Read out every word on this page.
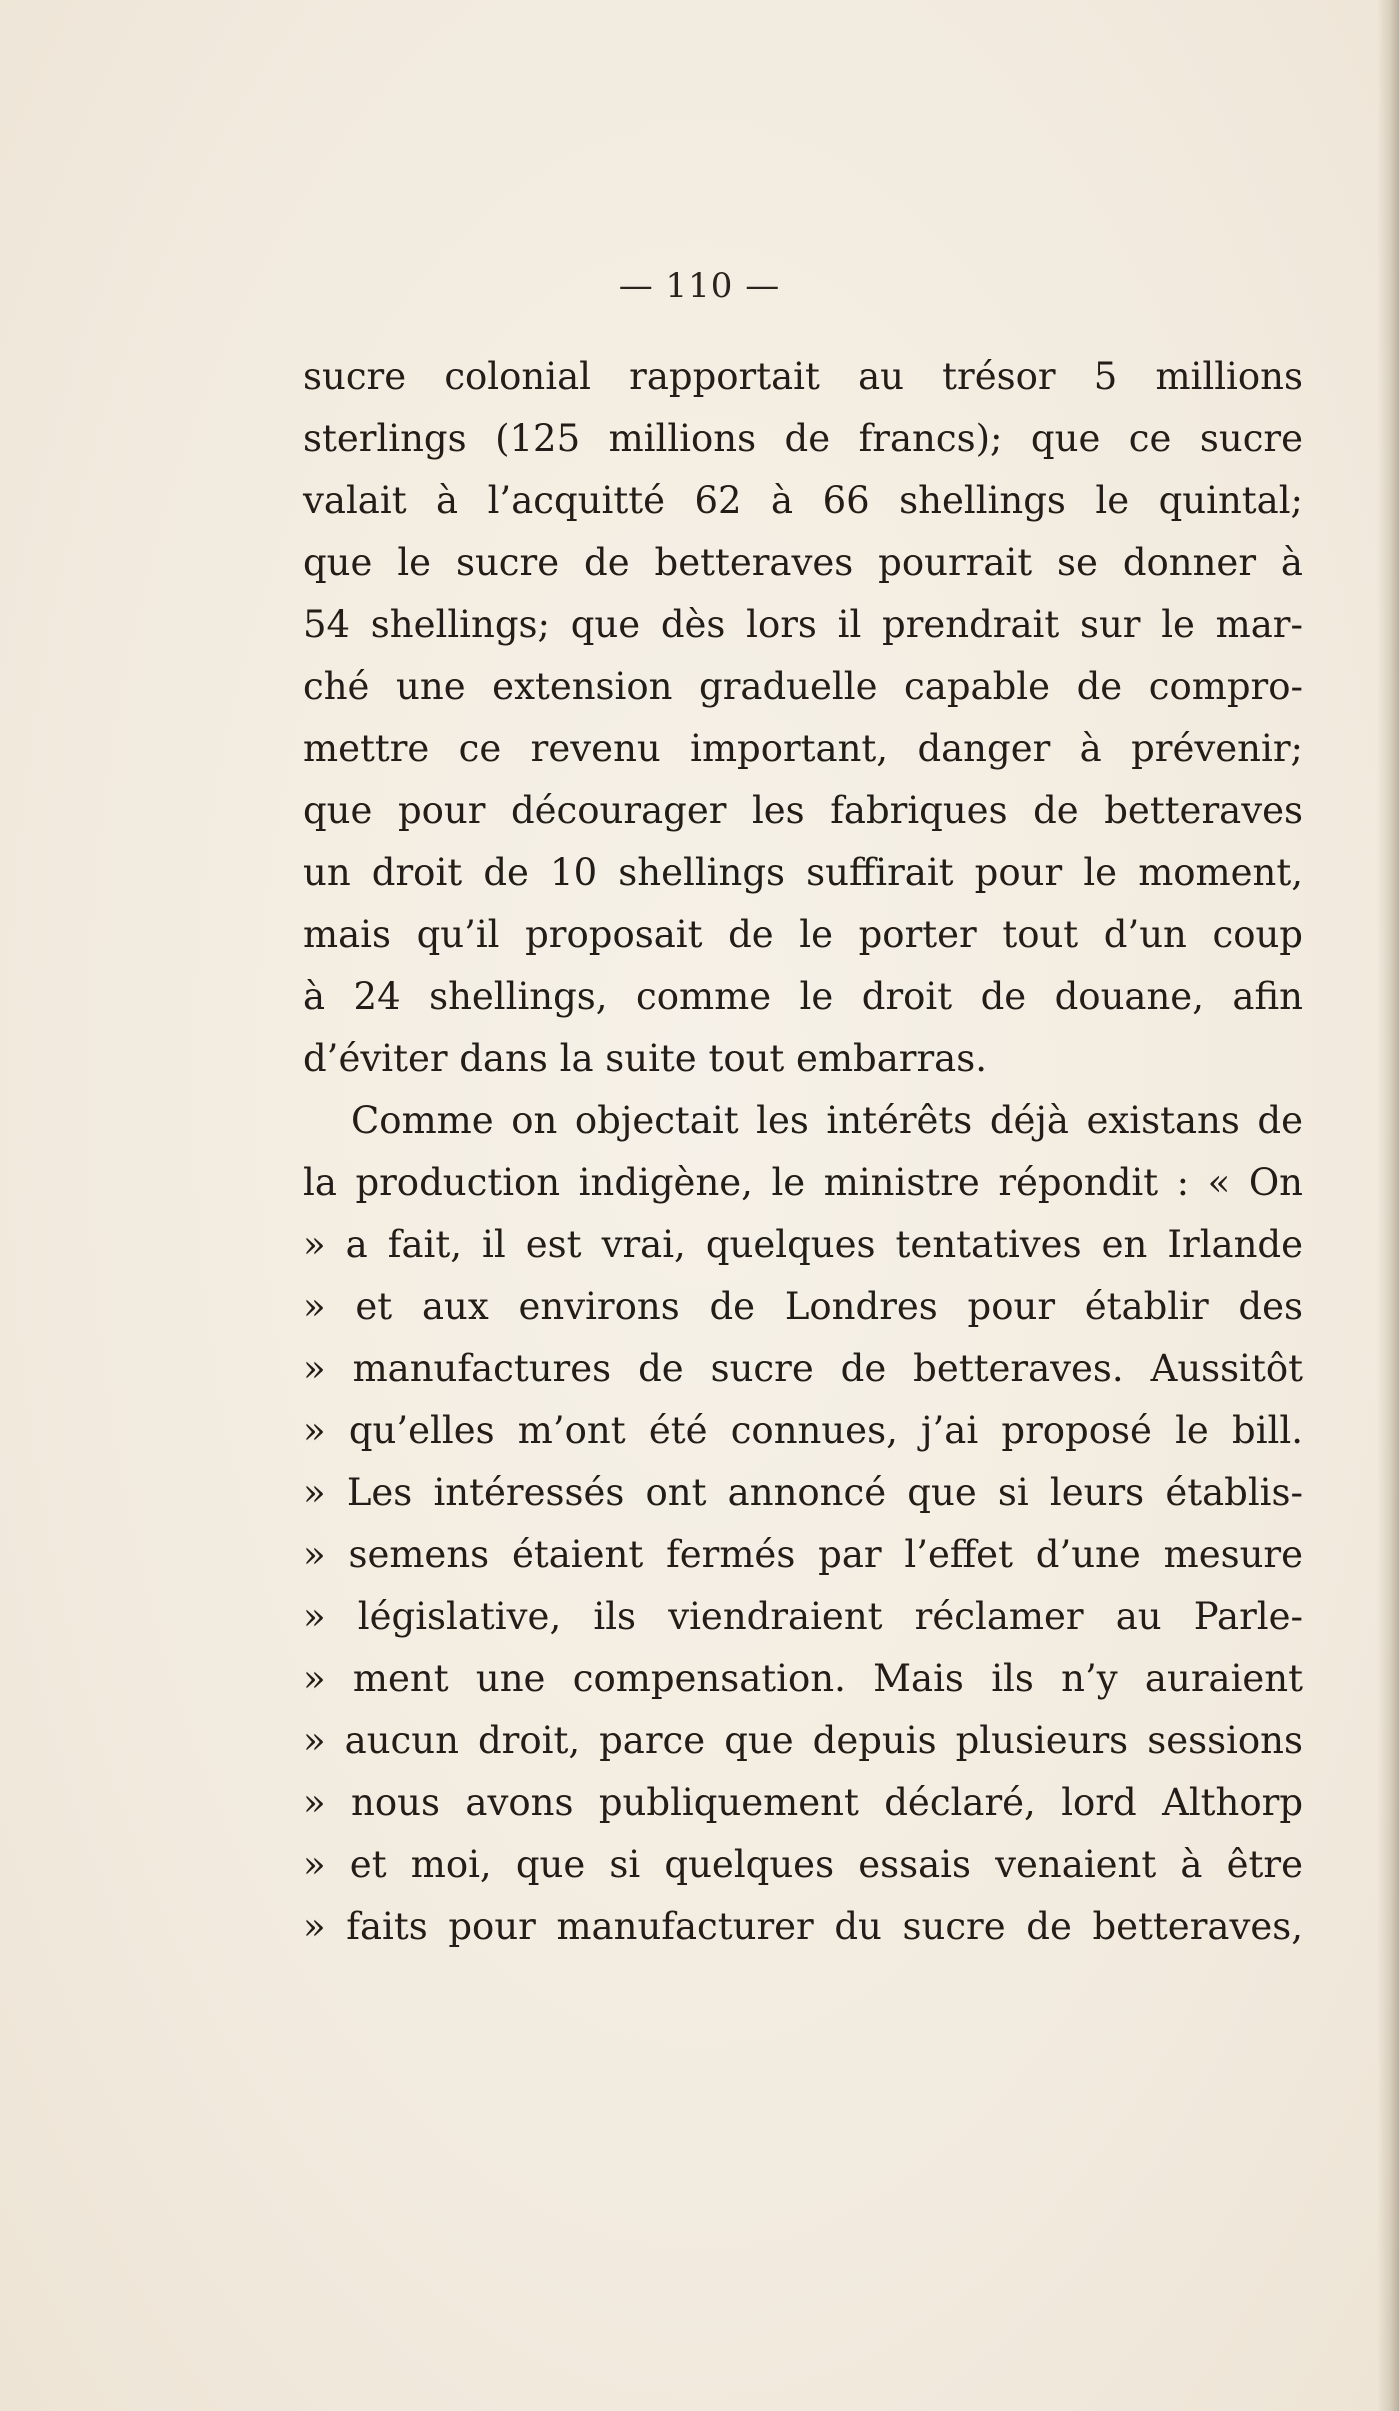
— 110 —
sucre colonial rapportait au trésor 5 millions
sterlings (125 millions de francs); que ce sucre
valait à l’acquitté 62 à 66 shellings le quintal;
que le sucre de betteraves pourrait se donner à
54 shellings; que dès lors il prendrait sur le mar-
ché une extension graduelle capable de compro-
mettre ce revenu important, danger à prévenir;
que pour décourager les fabriques de betteraves
un droit de 10 shellings suffirait pour le moment,
mais qu’il proposait de le porter tout d’un coup
à 24 shellings, comme le droit de douane, afin
d’éviter dans la suite tout embarras.
Comme on objectait les intérêts déjà existans de
la production indigène, le ministre répondit : « On
» a fait, il est vrai, quelques tentatives en Irlande
» et aux environs de Londres pour établir des
» manufactures de sucre de betteraves. Aussitôt
» qu’elles m’ont été connues, j’ai proposé le bill.
» Les intéressés ont annoncé que si leurs établis-
» semens étaient fermés par l’effet d’une mesure
» législative, ils viendraient réclamer au Parle-
» ment une compensation. Mais ils n’y auraient
» aucun droit, parce que depuis plusieurs sessions
» nous avons publiquement déclaré, lord Althorp
» et moi, que si quelques essais venaient à être
» faits pour manufacturer du sucre de betteraves,
